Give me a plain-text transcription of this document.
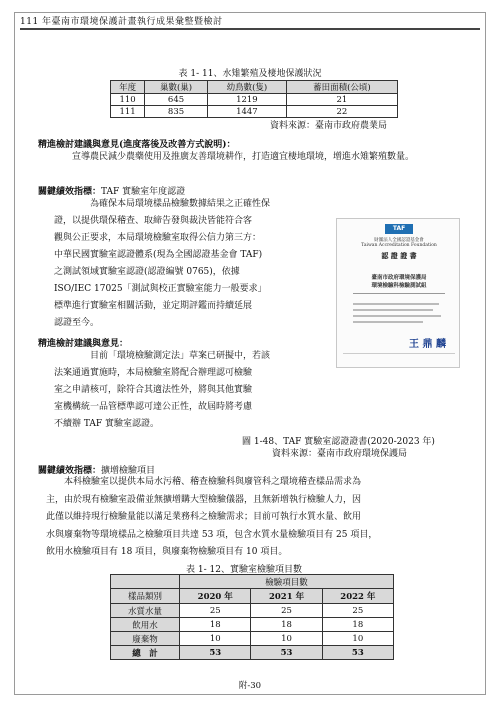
111 年臺南市環境保護計畫執行成果彙整暨檢討
表 1- 11、水雉繁殖及棲地保護狀況
年度	巢數(巢)	幼鳥數(隻)	蓄田面積(公頃)
110	645	1219	21
111	835	1447	22
資料來源：臺南市政府農業局
精進檢討建議與意見(進度落後及改善方式說明)：
宣導農民減少農藥使用及推廣友善環境耕作，打造適宜棲地環境，增進水雉繁殖數量。
關鍵績效指標：TAF 實驗室年度認證
為確保本局環境樣品檢驗數據結果之正確性保
證，以提供環保稽查、取締告發與裁決皆能符合客
觀與公正要求，本局環境檢驗室取得公信力第三方：
中華民國實驗室認證體系(現為全國認證基金會 TAF)
之測試領域實驗室認證(認證編號 0765)，依據
ISO/IEC 17025「測試與校正實驗室能力一般要求」
標準進行實驗室相關活動，並定期評鑑而持續延展
認證至今。
精進檢討建議與意見：
目前「環境檢驗測定法」草案已研擬中，若該
法案通過實施時，本局檢驗室將配合辦理認可檢驗
室之申請核可，除符合其適法性外，將與其他實驗
室機構統一品管標準認可達公正性，故屆時將考慮
不續辦 TAF 實驗室認證。
TAF
財團法人全國認證基金會
Taiwan Accreditation Foundation
認 證 證 書
臺南市政府環境保護局
環境檢驗科檢驗測試組
王 鼎 麟
圖 1-48、TAF 實驗室認證證書(2020-2023 年)
資料來源：臺南市政府環境保護局
關鍵績效指標：擴增檢驗項目
本科檢驗室以提供本局水污稽、稽查檢驗科與廢管科之環境稽查樣品需求為
主，由於現有檢驗室設備並無擴增購大型檢驗儀器，且無新增執行檢驗人力，因
此僅以維持現行檢驗量能以滿足業務科之檢驗需求；目前可執行水質水量、飲用
水與廢棄物等環境樣品之檢驗項目共達 53 項，包含水質水量檢驗項目有 25 項目，
飲用水檢驗項目有 18 項目，與廢棄物檢驗項目有 10 項目。
表 1- 12、實驗室檢驗項目數
	檢驗項目數		
樣品類別	2020 年	2021 年	2022 年
水質水量	25	25	25
飲用水	18	18	18
廢棄物	10	10	10
總　計	53	53	53
附-30
